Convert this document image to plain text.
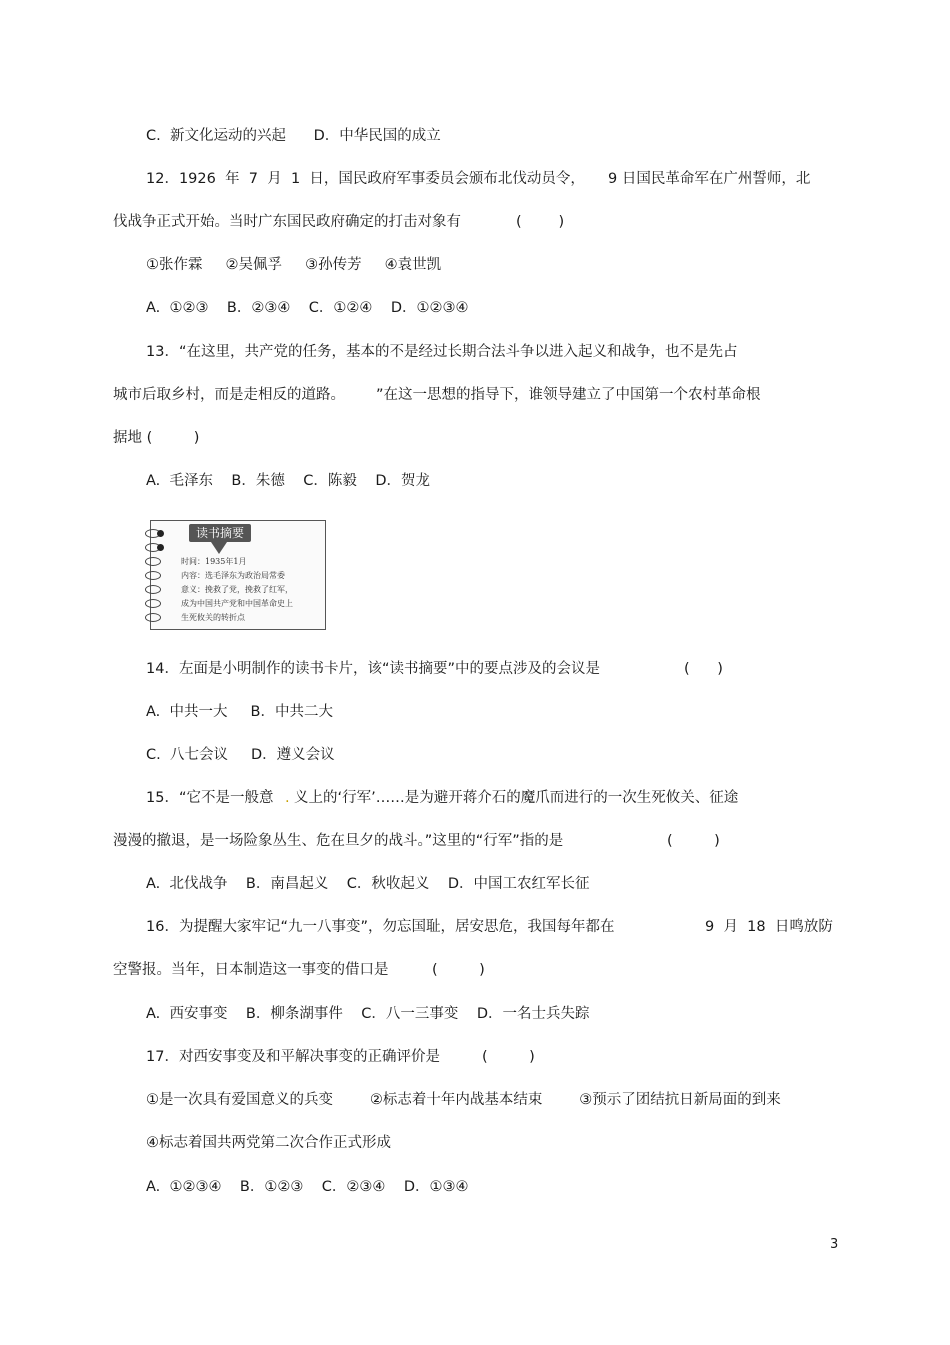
C.  新文化运动的兴起      D．中华民国的成立
12．1926  年  7  月  1  日，国民政府军事委员会颁布北伐动员令， 9 日国民革命军在广州誓师，北
伐战争正式开始。当时广东国民政府确定的打击对象有	(        )
①张作霖     ②吴佩孚     ③孙传芳     ④袁世凯
A.  ①②③    B．②③④    C．①②④    D．①②③④
13．“在这里，共产党的任务，基本的不是经过长期合法斗争以进入起义和战争，也不是先占
城市后取乡村，而是走相反的道路。 ”在这一思想的指导下，谁领导建立了中国第一个农村革命根
据地 (         )
A.  毛泽东    B．朱德    C．陈毅    D．贺龙
读书摘要
时间：1935年1月
内容：选毛泽东为政治局常委
意义：挽救了党，挽救了红军，
成为中国共产党和中国革命史上
生死攸关的转折点
14．左面是小明制作的读书卡片，该“读书摘要”中的要点涉及的会议是	(      )
A.  中共一大     B．中共二大
C.  八七会议     D．遵义会议
15．“它不是一般意 . 义上的‘行军’……是为避开蒋介石的魔爪而进行的一次生死攸关、征途
漫漫的撤退，是一场险象丛生、危在旦夕的战斗。”这里的“行军”指的是	(         )
A.  北伐战争    B．南昌起义    C．秋收起义    D．中国工农红军长征
16．为提醒大家牢记“九一八事变”，勿忘国耻，居安思危，我国每年都在	9  月  18  日鸣放防
空警报。当年，日本制造这一事变的借口是	(         )
A.  西安事变    B．柳条湖事件    C．八一三事变    D．一名士兵失踪
17．对西安事变及和平解决事变的正确评价是	(         )
①是一次具有爱国意义的兵变        ②标志着十年内战基本结束        ③预示了团结抗日新局面的到来
④标志着国共两党第二次合作正式形成
A.  ①②③④    B．①②③    C．②③④    D．①③④
3
